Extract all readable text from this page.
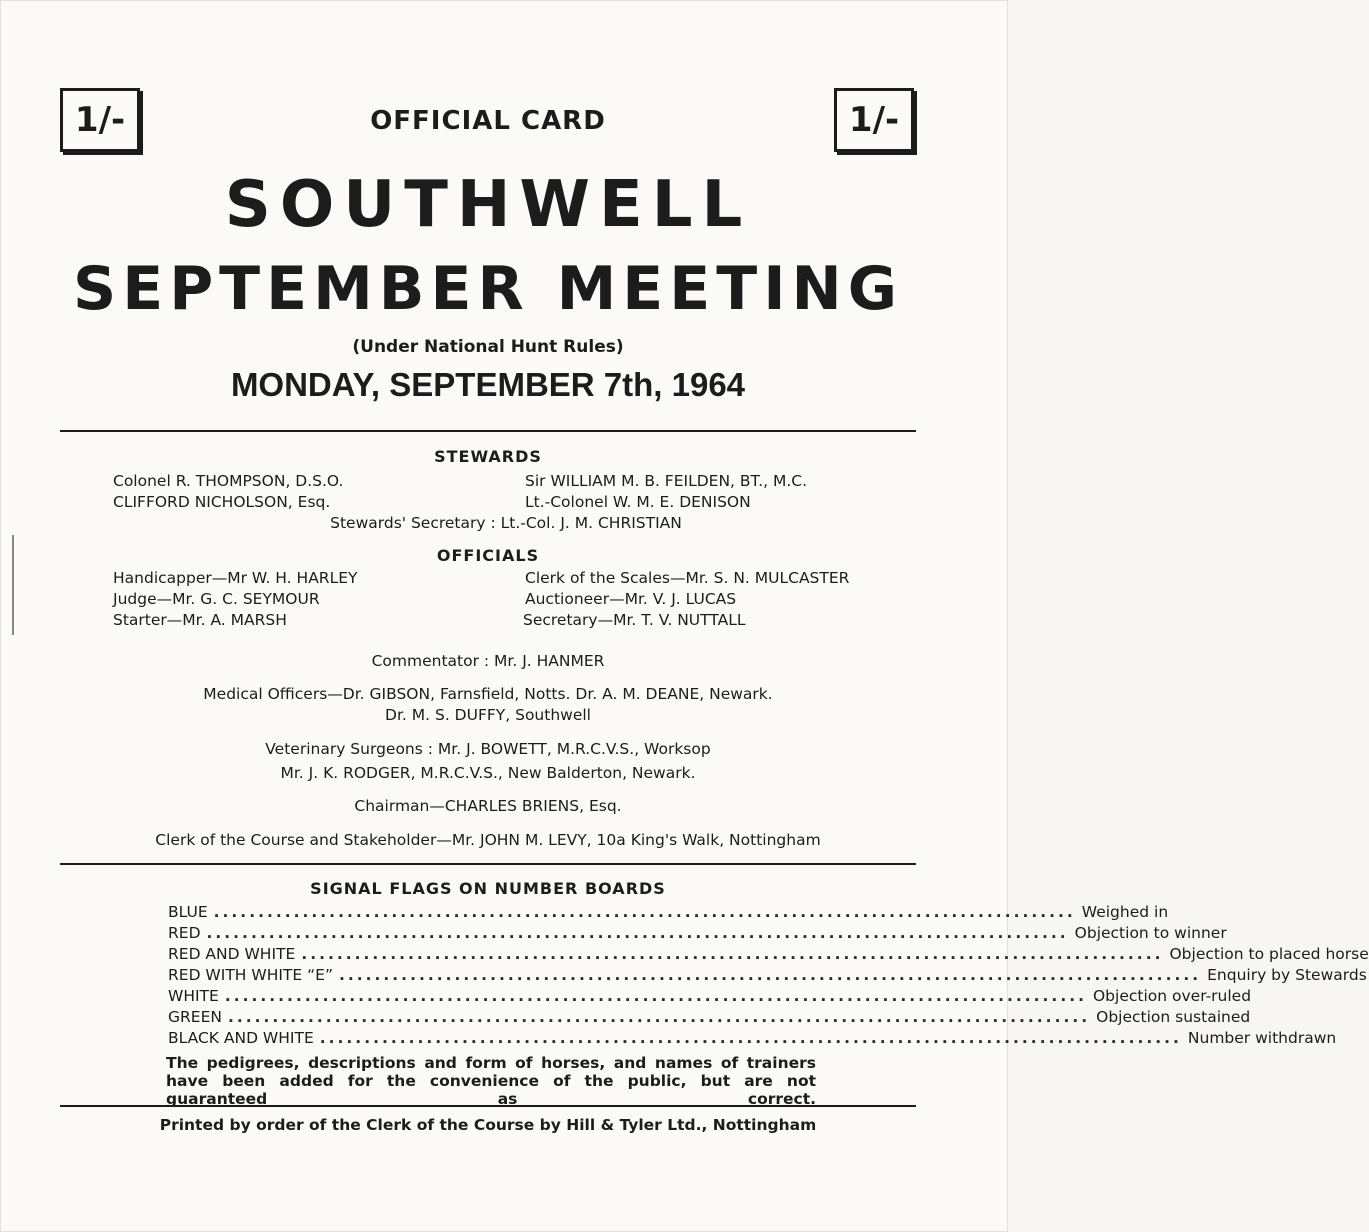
1/-	1/-
OFFICIAL CARD
SOUTHWELL
SEPTEMBER MEETING
(Under National Hunt Rules)
MONDAY, SEPTEMBER 7th, 1964
STEWARDS
Colonel R. THOMPSON, D.S.O.
CLIFFORD NICHOLSON, Esq.
Sir WILLIAM M. B. FEILDEN, BT., M.C.
Lt.-Colonel W. M. E. DENISON
Stewards' Secretary : Lt.-Col. J. M. CHRISTIAN
OFFICIALS
Handicapper—Mr W. H. HARLEY
Judge—Mr. G. C. SEYMOUR
Starter—Mr. A. MARSH
Clerk of the Scales—Mr. S. N. MULCASTER
Auctioneer—Mr. V. J. LUCAS
Secretary—Mr. T. V. NUTTALL
Commentator : Mr. J. HANMER
Medical Officers—Dr. GIBSON, Farnsfield, Notts. Dr. A. M. DEANE, Newark.
Dr. M. S. DUFFY, Southwell
Veterinary Surgeons : Mr. J. BOWETT, M.R.C.V.S., Worksop
Mr. J. K. RODGER, M.R.C.V.S., New Balderton, Newark.
Chairman—CHARLES BRIENS, Esq.
Clerk of the Course and Stakeholder—Mr. JOHN M. LEVY, 10a King's Walk, Nottingham
SIGNAL FLAGS ON NUMBER BOARDS
BLUE ................................................................................................. Weighed in
RED ................................................................................................. Objection to winner
RED AND WHITE ................................................................................................. Objection to placed horse
RED WITH WHITE “E” ................................................................................................. Enquiry by Stewards
WHITE ................................................................................................. Objection over-ruled
GREEN ................................................................................................. Objection sustained
BLACK AND WHITE ................................................................................................. Number withdrawn
The pedigrees, descriptions and form of horses, and names of trainers have been added for the convenience of the public, but are not guaranteed as correct.
Printed by order of the Clerk of the Course by Hill & Tyler Ltd., Nottingham
